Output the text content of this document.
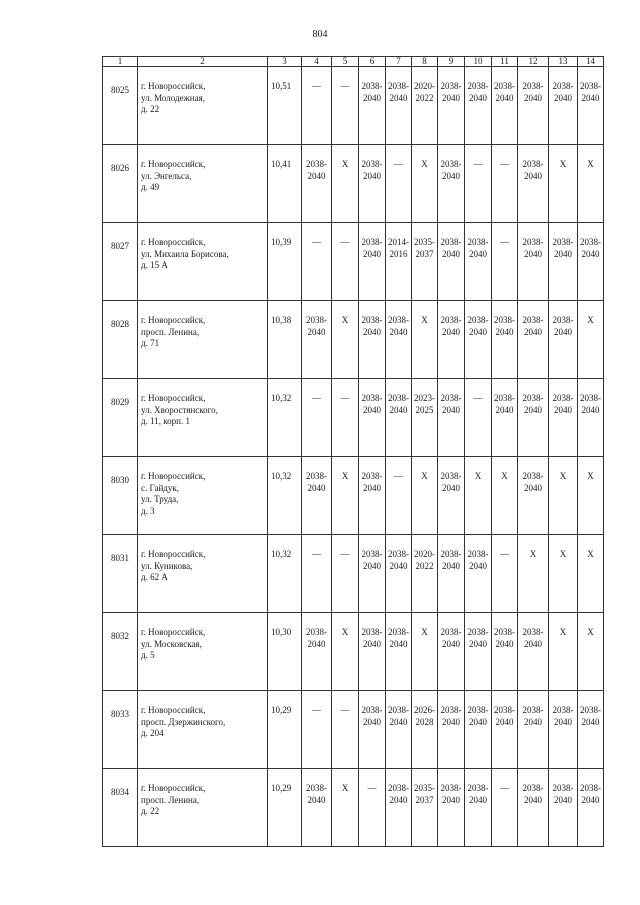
804
1	2	3	4	5	6	7	8	9	10	11	12	13	14
8025	г. Новороссийск,
ул. Молодежная,
д. 22	10,51	—	—	2038-
2040	2038-
2040	2020-
2022	2038-
2040	2038-
2040	2038-
2040	2038-
2040	2038-
2040	2038-
2040
8026	г. Новороссийск,
ул. Энгельса,
д. 49	10,41	2038-
2040	Х	2038-
2040	—	Х	2038-
2040	—	—	2038-
2040	Х	Х
8027	г. Новороссийск,
ул. Михаила Борисова,
д. 15 А	10,39	—	—	2038-
2040	2014-
2016	2035-
2037	2038-
2040	2038-
2040	—	2038-
2040	2038-
2040	2038-
2040
8028	г. Новороссийск,
просп. Ленина,
д. 71	10,38	2038-
2040	Х	2038-
2040	2038-
2040	Х	2038-
2040	2038-
2040	2038-
2040	2038-
2040	2038-
2040	Х
8029	г. Новороссийск,
ул. Хворостянского,
д. 11, корп. 1	10,32	—	—	2038-
2040	2038-
2040	2023-
2025	2038-
2040	—	2038-
2040	2038-
2040	2038-
2040	2038-
2040
8030	г. Новороссийск,
с. Гайдук,
ул. Труда,
д. 3	10,32	2038-
2040	Х	2038-
2040	—	Х	2038-
2040	Х	Х	2038-
2040	Х	Х
8031	г. Новороссийск,
ул. Куникова,
д. 62 А	10,32	—	—	2038-
2040	2038-
2040	2020-
2022	2038-
2040	2038-
2040	—	Х	Х	Х
8032	г. Новороссийск,
ул. Московская,
д. 5	10,30	2038-
2040	Х	2038-
2040	2038-
2040	Х	2038-
2040	2038-
2040	2038-
2040	2038-
2040	Х	Х
8033	г. Новороссийск,
просп. Дзержинского,
д. 204	10,29	—	—	2038-
2040	2038-
2040	2026-
2028	2038-
2040	2038-
2040	2038-
2040	2038-
2040	2038-
2040	2038-
2040
8034	г. Новороссийск,
просп. Ленина,
д. 22	10,29	2038-
2040	Х	—	2038-
2040	2035-
2037	2038-
2040	2038-
2040	—	2038-
2040	2038-
2040	2038-
2040
